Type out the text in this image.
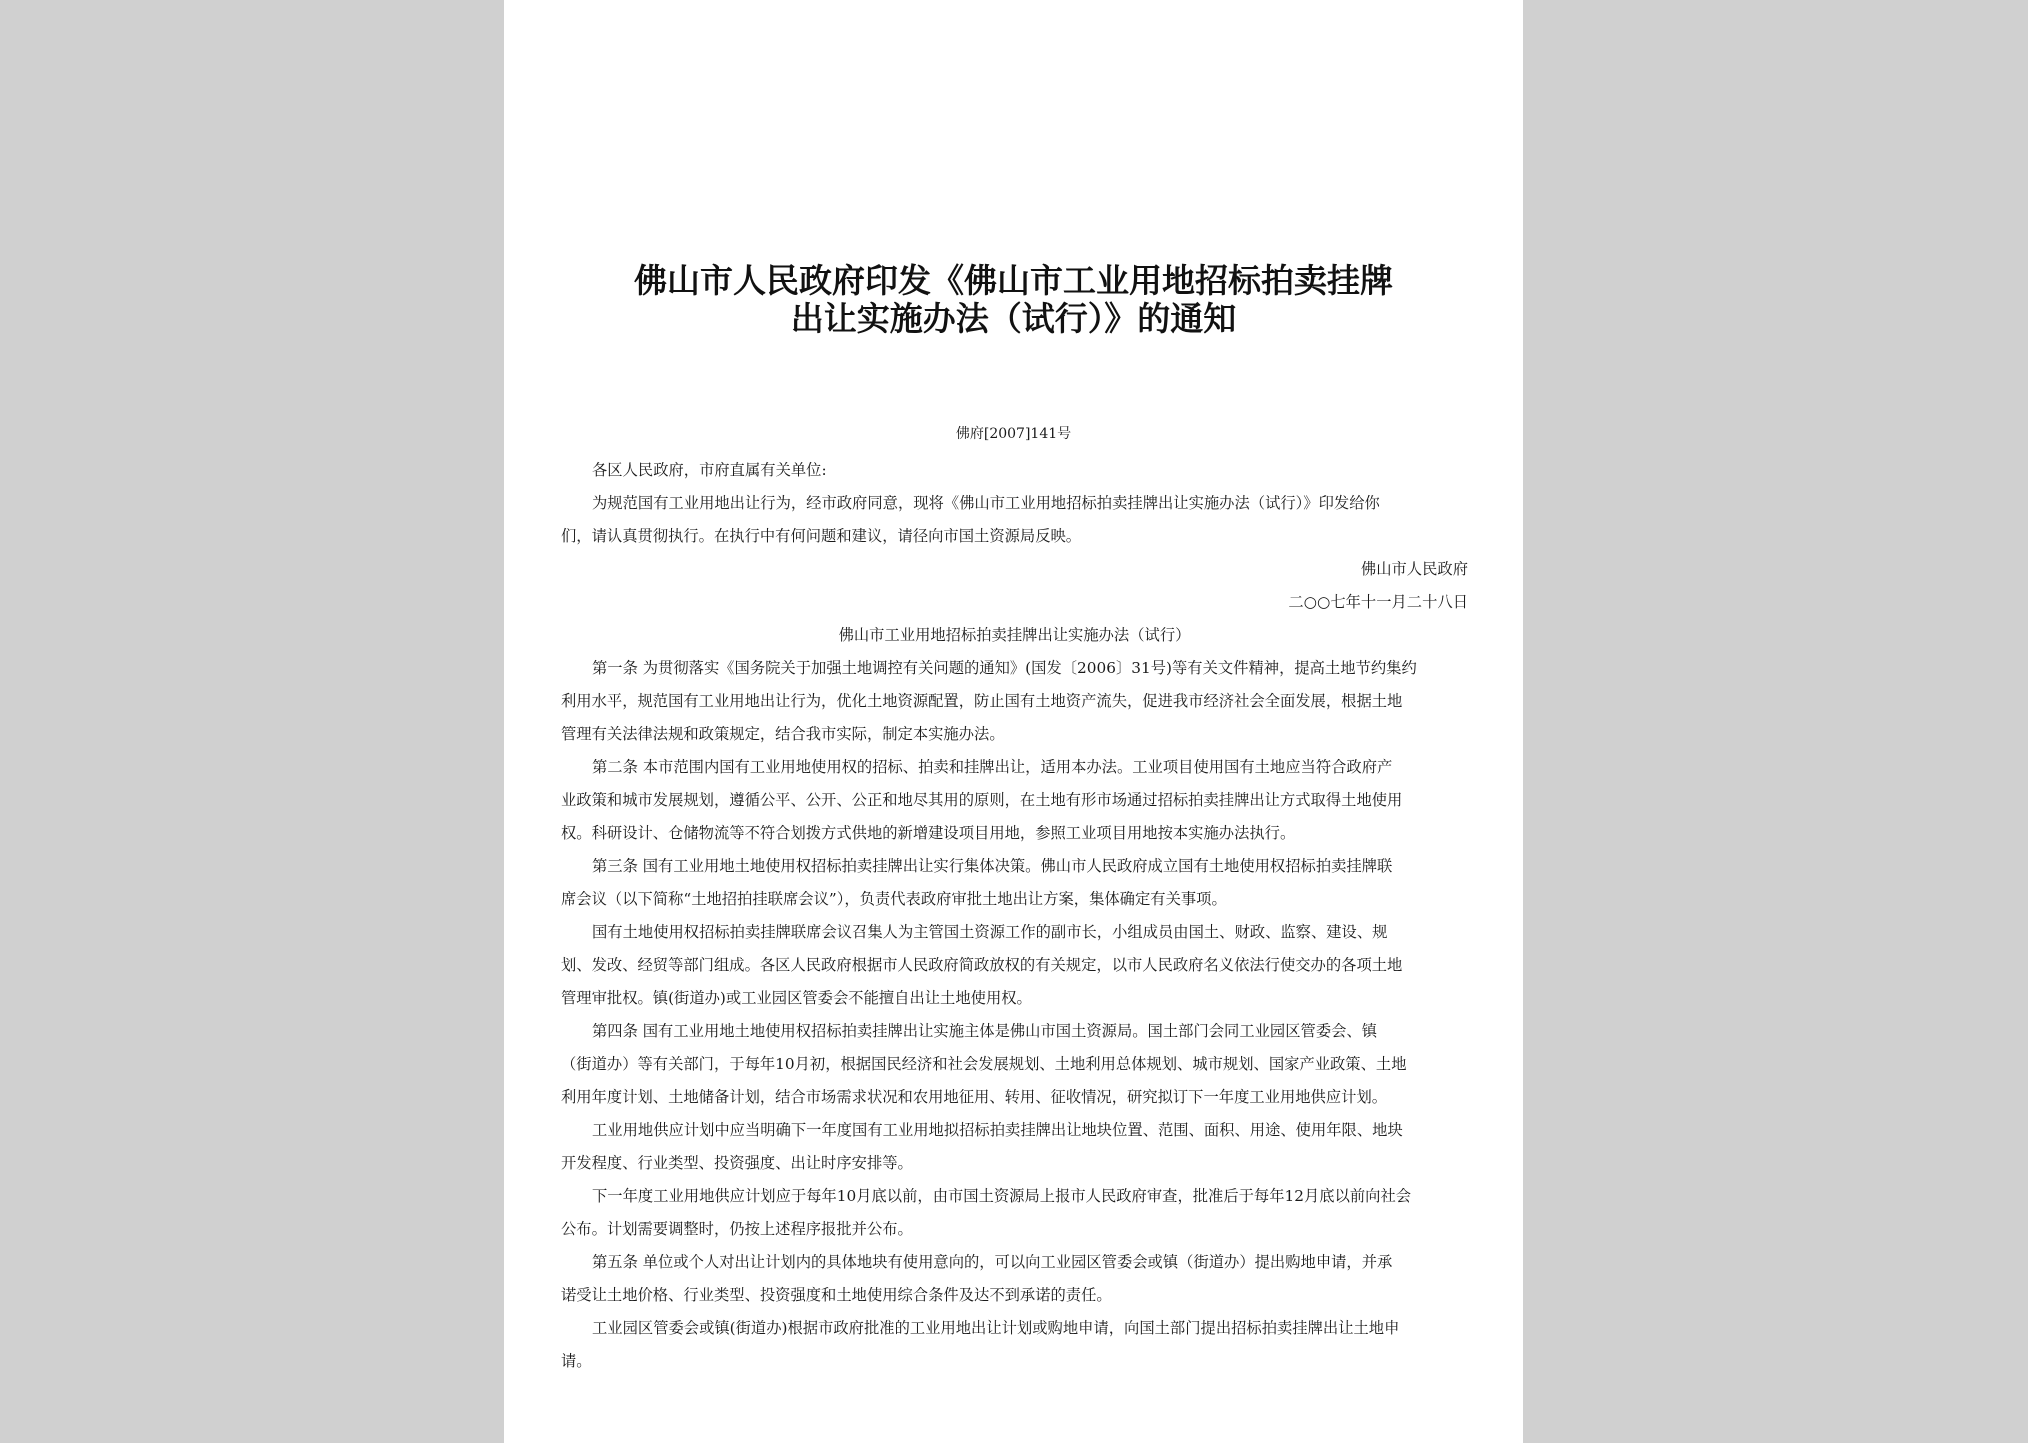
佛山市人民政府印发《佛山市工业用地招标拍卖挂牌
出让实施办法（试行）》的通知
佛府[2007]141号
各区人民政府，市府直属有关单位:
为规范国有工业用地出让行为，经市政府同意，现将《佛山市工业用地招标拍卖挂牌出让实施办法（试行）》印发给你
们，请认真贯彻执行。在执行中有何问题和建议，请径向市国土资源局反映。
佛山市人民政府
二○○七年十一月二十八日
佛山市工业用地招标拍卖挂牌出让实施办法（试行）
第一条 为贯彻落实《国务院关于加强土地调控有关问题的通知》(国发〔2006〕31号)等有关文件精神，提高土地节约集约
利用水平，规范国有工业用地出让行为，优化土地资源配置，防止国有土地资产流失，促进我市经济社会全面发展，根据土地
管理有关法律法规和政策规定，结合我市实际，制定本实施办法。
第二条 本市范围内国有工业用地使用权的招标、拍卖和挂牌出让，适用本办法。工业项目使用国有土地应当符合政府产
业政策和城市发展规划，遵循公平、公开、公正和地尽其用的原则，在土地有形市场通过招标拍卖挂牌出让方式取得土地使用
权。科研设计、仓储物流等不符合划拨方式供地的新增建设项目用地，参照工业项目用地按本实施办法执行。
第三条 国有工业用地土地使用权招标拍卖挂牌出让实行集体决策。佛山市人民政府成立国有土地使用权招标拍卖挂牌联
席会议（以下简称“土地招拍挂联席会议”），负责代表政府审批土地出让方案，集体确定有关事项。
国有土地使用权招标拍卖挂牌联席会议召集人为主管国土资源工作的副市长，小组成员由国土、财政、监察、建设、规
划、发改、经贸等部门组成。各区人民政府根据市人民政府简政放权的有关规定，以市人民政府名义依法行使交办的各项土地
管理审批权。镇(街道办)或工业园区管委会不能擅自出让土地使用权。
第四条 国有工业用地土地使用权招标拍卖挂牌出让实施主体是佛山市国土资源局。国土部门会同工业园区管委会、镇
（街道办）等有关部门，于每年10月初，根据国民经济和社会发展规划、土地利用总体规划、城市规划、国家产业政策、土地
利用年度计划、土地储备计划，结合市场需求状况和农用地征用、转用、征收情况，研究拟订下一年度工业用地供应计划。
工业用地供应计划中应当明确下一年度国有工业用地拟招标拍卖挂牌出让地块位置、范围、面积、用途、使用年限、地块
开发程度、行业类型、投资强度、出让时序安排等。
下一年度工业用地供应计划应于每年10月底以前，由市国土资源局上报市人民政府审查，批准后于每年12月底以前向社会
公布。计划需要调整时，仍按上述程序报批并公布。
第五条 单位或个人对出让计划内的具体地块有使用意向的，可以向工业园区管委会或镇（街道办）提出购地申请，并承
诺受让土地价格、行业类型、投资强度和土地使用综合条件及达不到承诺的责任。
工业园区管委会或镇(街道办)根据市政府批准的工业用地出让计划或购地申请，向国土部门提出招标拍卖挂牌出让土地申
请。
